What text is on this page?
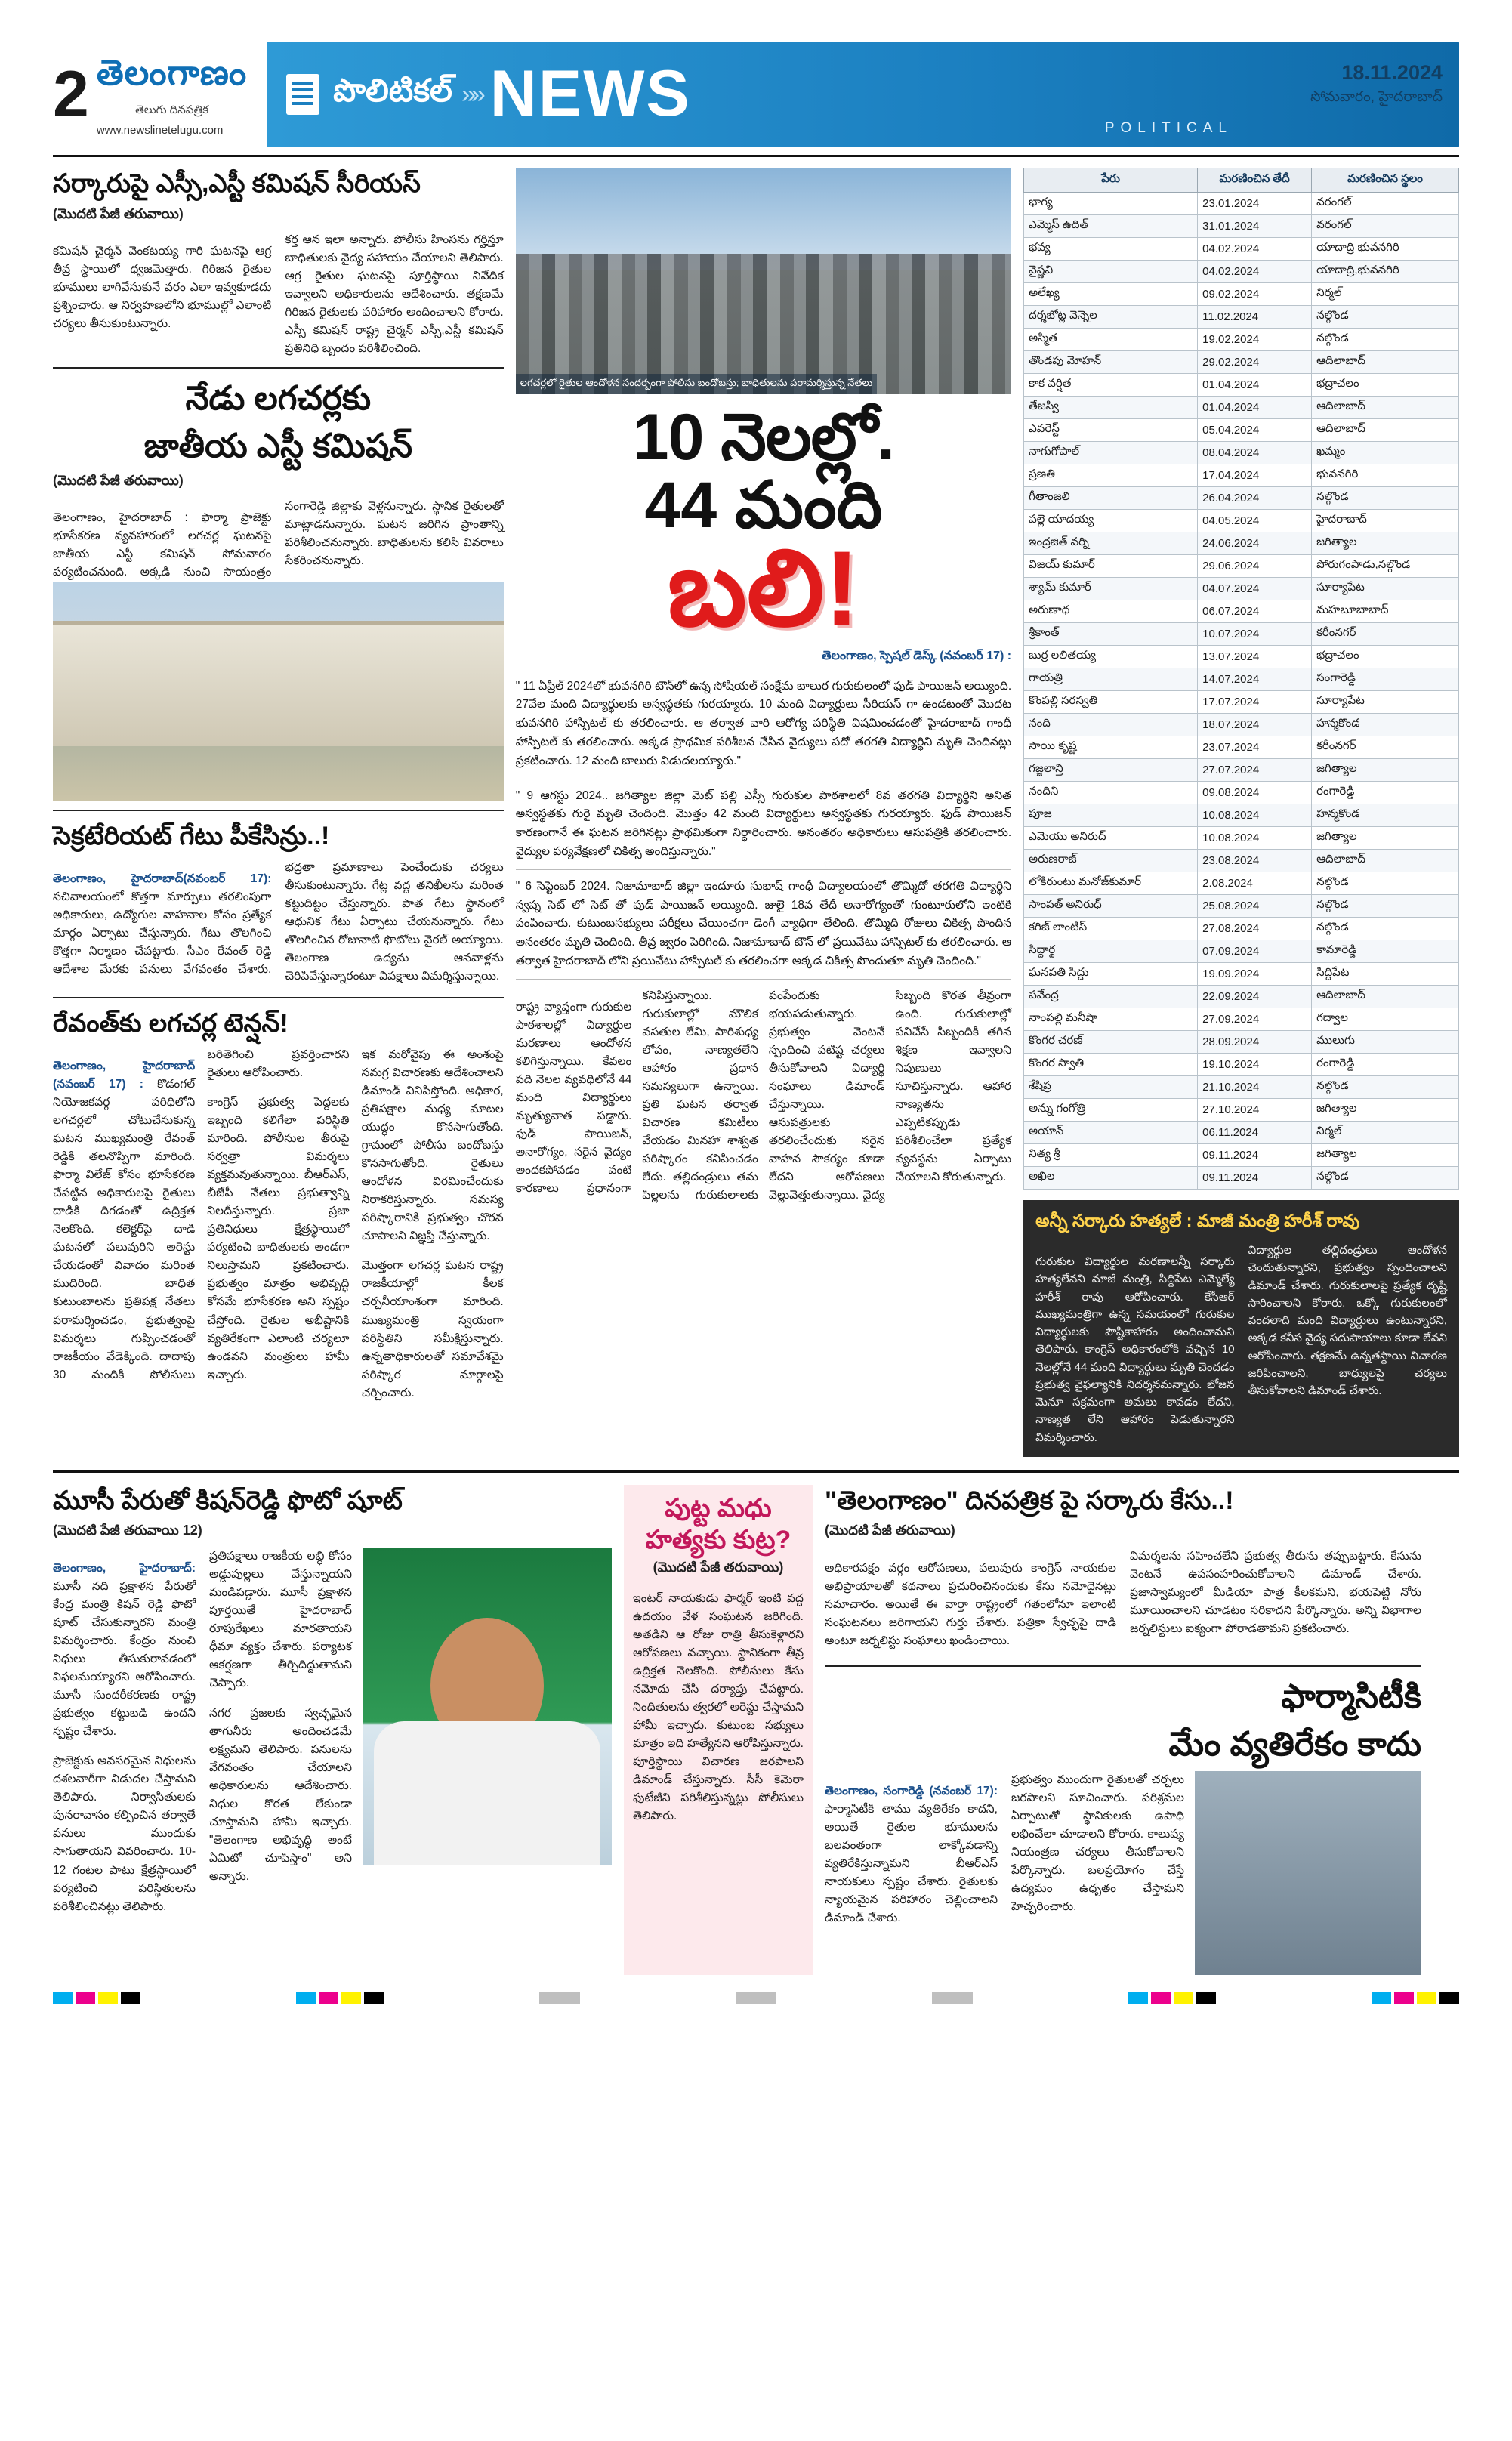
2 తెలంగాణం
తెలుగు దినపత్రిక
www.newslinetelugu.com
పొలిటికల్ »» NEWS	POLITICAL
18.11.2024
సోమవారం, హైదరాబాద్
సర్కారుపై ఎస్సీ,ఎస్టీ కమిషన్ సీరియస్
(మొదటి పేజీ తరువాయి)

కమిషన్ చైర్మన్ వెంకటయ్య గారి ఘటనపై ఆగ్ర తీవ్ర స్థాయిలో ధ్వజమెత్తారు. గిరిజన రైతుల భూములు లాగివేసుకునే వరం ఎలా ఇవ్వకూడదు ప్రశ్నించారు. ఆ నిర్వహణలోని భూముల్లో ఎలాంటి చర్యలు తీసుకుంటున్నారు.

కర్త ఆన ఇలా అన్నారు. పోలీసు హింసను గర్హిస్తూ బాధితులకు వైద్య సహాయం చేయాలని తెలిపారు. ఆగ్ర రైతుల ఘటనపై పూర్తిస్థాయి నివేదిక ఇవ్వాలని అధికారులను ఆదేశించారు. తక్షణమే గిరిజన రైతులకు పరిహారం అందించాలని కోరారు. ఎస్సీ కమిషన్ రాష్ట్ర చైర్మన్ ఎస్సీ,ఎస్టీ కమిషన్ ప్రతినిధి బృందం పరిశీలించింది.

నేడు లగచర్లకు
జాతీయ ఎస్టీ కమిషన్
(మొదటి పేజీ తరువాయి)

తెలంగాణం, హైదరాబాద్ : ఫార్మా ప్రాజెక్టు భూసేకరణ వ్యవహారంలో లగచర్ల ఘటనపై జాతీయ ఎస్టీ కమిషన్ సోమవారం పర్యటించనుంది. అక్కడి నుంచి సాయంత్రం సంగారెడ్డి జిల్లాకు వెళ్లనున్నారు. స్థానిక రైతులతో మాట్లాడనున్నారు. ఘటన జరిగిన ప్రాంతాన్ని పరిశీలించనున్నారు. బాధితులను కలిసి వివరాలు సేకరించనున్నారు.

సెక్రటేరియట్ గేటు పీకేసిన్రు..!

తెలంగాణం, హైదరాబాద్(నవంబర్ 17): సచివాలయంలో కొత్తగా మార్పులు తరలింపుగా అధికారులు, ఉద్యోగుల వాహనాల కోసం ప్రత్యేక మార్గం ఏర్పాటు చేస్తున్నారు. గేటు తొలగించి కొత్తగా నిర్మాణం చేపట్టారు. సీఎం రేవంత్ రెడ్డి ఆదేశాల మేరకు పనులు వేగవంతం చేశారు. భద్రతా ప్రమాణాలు పెంచేందుకు చర్యలు తీసుకుంటున్నారు. గేట్ల వద్ద తనిఖీలను మరింత కట్టుదిట్టం చేస్తున్నారు. పాత గేటు స్థానంలో ఆధునిక గేటు ఏర్పాటు చేయనున్నారు. గేటు తొలగించిన రోజునాటి ఫొటోలు వైరల్ అయ్యాయి. తెలంగాణ ఉద్యమ ఆనవాళ్లను చెరిపివేస్తున్నారంటూ విపక్షాలు విమర్శిస్తున్నాయి.

రేవంత్‌కు లగచర్ల టెన్షన్!

తెలంగాణం, హైదరాబాద్ (నవంబర్ 17) : కొడంగల్ నియోజకవర్గ పరిధిలోని లగచర్లలో చోటుచేసుకున్న ఘటన ముఖ్యమంత్రి రేవంత్ రెడ్డికి తలనొప్పిగా మారింది. ఫార్మా విలేజ్ కోసం భూసేకరణ చేపట్టిన అధికారులపై రైతులు దాడికి దిగడంతో ఉద్రిక్తత నెలకొంది. కలెక్టర్‌పై దాడి ఘటనలో పలువురిని అరెస్టు చేయడంతో వివాదం మరింత ముదిరింది. బాధిత కుటుంబాలను ప్రతిపక్ష నేతలు పరామర్శించడం, ప్రభుత్వంపై విమర్శలు గుప్పించడంతో రాజకీయం వేడెక్కింది. దాదాపు 30 మందికి పోలీసులు బరితెగించి ప్రవర్తించారని రైతులు ఆరోపించారు.

కాంగ్రెస్ ప్రభుత్వ పెద్దలకు ఇబ్బంది కలిగేలా పరిస్థితి మారింది. పోలీసుల తీరుపై సర్వత్రా విమర్శలు వ్యక్తమవుతున్నాయి. బీఆర్ఎస్, బీజేపీ నేతలు ప్రభుత్వాన్ని నిలదీస్తున్నారు. ప్రజా ప్రతినిధులు క్షేత్రస్థాయిలో పర్యటించి బాధితులకు అండగా నిలుస్తామని ప్రకటించారు. ప్రభుత్వం మాత్రం అభివృద్ధి కోసమే భూసేకరణ అని స్పష్టం చేస్తోంది. రైతుల అభీష్టానికి వ్యతిరేకంగా ఎలాంటి చర్యలూ ఉండవని మంత్రులు హామీ ఇచ్చారు.

ఇక మరోవైపు ఈ అంశంపై సమగ్ర విచారణకు ఆదేశించాలని డిమాండ్ వినిపిస్తోంది. అధికార, ప్రతిపక్షాల మధ్య మాటల యుద్ధం కొనసాగుతోంది. గ్రామంలో పోలీసు బందోబస్తు కొనసాగుతోంది. రైతులు ఆందోళన విరమించేందుకు నిరాకరిస్తున్నారు. సమస్య పరిష్కారానికి ప్రభుత్వం చొరవ చూపాలని విజ్ఞప్తి చేస్తున్నారు.

మొత్తంగా లగచర్ల ఘటన రాష్ట్ర రాజకీయాల్లో కీలక చర్చనీయాంశంగా మారింది. ముఖ్యమంత్రి స్వయంగా పరిస్థితిని సమీక్షిస్తున్నారు. ఉన్నతాధికారులతో సమావేశమై పరిష్కార మార్గాలపై చర్చించారు.

లగచర్లలో రైతుల ఆందోళన సందర్భంగా పోలీసు బందోబస్తు; బాధితులను పరామర్శిస్తున్న నేతలు
10 నెలల్లో.
44 మంది
బలి!
తెలంగాణం, స్పెషల్ డెస్క్ (నవంబర్ 17) :
" 11 ఏప్రిల్ 2024లో భువనగిరి టౌన్‌లో ఉన్న సోషియల్ సంక్షేమ బాలుర గురుకులంలో ఫుడ్ పాయిజన్ అయ్యింది. 27వేల మంది విద్యార్థులకు అస్వస్థతకు గురయ్యారు. 10 మంది విద్యార్థులు సీరియస్ గా ఉండటంతో మొదట భువనగిరి హాస్పిటల్ కు తరలించారు. ఆ తర్వాత వారి ఆరోగ్య పరిస్థితి విషమించడంతో హైదరాబాద్ గాంధీ హాస్పిటల్ కు తరలించారు. అక్కడ ప్రాథమిక పరిశీలన చేసిన వైద్యులు పదో తరగతి విద్యార్థిని మృతి చెందినట్లు ప్రకటించారు. 12 మంది బాలురు విడుదలయ్యారు."
" 9 ఆగస్టు 2024.. జగిత్యాల జిల్లా మెట్ పల్లి ఎస్సీ గురుకుల పాఠశాలలో 8వ తరగతి విద్యార్థిని అనిత అస్వస్థతకు గురై మృతి చెందింది. మొత్తం 42 మంది విద్యార్థులు అస్వస్థతకు గురయ్యారు. ఫుడ్ పాయిజన్ కారణంగానే ఈ ఘటన జరిగినట్లు ప్రాథమికంగా నిర్ధారించారు. అనంతరం అధికారులు ఆసుపత్రికి తరలించారు. వైద్యుల పర్యవేక్షణలో చికిత్స అందిస్తున్నారు."
" 6 సెప్టెంబర్ 2024. నిజామాబాద్ జిల్లా ఇందూరు సుభాష్ గాంధీ విద్యాలయంలో తొమ్మిదో తరగతి విద్యార్థిని స్వప్న సెట్ లో సెట్ తో ఫుడ్ పాయిజన్ అయ్యింది. జులై 18వ తేదీ అనారోగ్యంతో గుంటూరులోని ఇంటికి పంపించారు. కుటుంబసభ్యులు పరీక్షలు చేయించగా డెంగీ వ్యాధిగా తేలింది. తొమ్మిది రోజులు చికిత్స పొందిన అనంతరం మృతి చెందింది. తీవ్ర జ్వరం పెరిగింది. నిజామాబాద్ టౌన్ లో ప్రయివేటు హాస్పిటల్ కు తరలించారు. ఆ తర్వాత హైదరాబాద్ లోని ప్రయివేటు హాస్పిటల్ కు తరలించగా అక్కడ చికిత్స పొందుతూ మృతి చెందింది."

రాష్ట్ర వ్యాప్తంగా గురుకుల పాఠశాలల్లో విద్యార్థుల మరణాలు ఆందోళన కలిగిస్తున్నాయి. కేవలం పది నెలల వ్యవధిలోనే 44 మంది విద్యార్థులు మృత్యువాత పడ్డారు. ఫుడ్ పాయిజన్, అనారోగ్యం, సరైన వైద్యం అందకపోవడం వంటి కారణాలు ప్రధానంగా కనిపిస్తున్నాయి. గురుకులాల్లో మౌలిక వసతుల లేమి, పారిశుధ్య లోపం, నాణ్యతలేని ఆహారం ప్రధాన సమస్యలుగా ఉన్నాయి. ప్రతి ఘటన తర్వాత విచారణ కమిటీలు వేయడం మినహా శాశ్వత పరిష్కారం కనిపించడం లేదు. తల్లిదండ్రులు తమ పిల్లలను గురుకులాలకు పంపేందుకు భయపడుతున్నారు. ప్రభుత్వం వెంటనే స్పందించి పటిష్ట చర్యలు తీసుకోవాలని విద్యార్థి సంఘాలు డిమాండ్ చేస్తున్నాయి. ఆసుపత్రులకు తరలించేందుకు సరైన వాహన సౌకర్యం కూడా లేదని ఆరోపణలు వెల్లువెత్తుతున్నాయి. వైద్య సిబ్బంది కొరత తీవ్రంగా ఉంది. గురుకులాల్లో పనిచేసే సిబ్బందికి తగిన శిక్షణ ఇవ్వాలని నిపుణులు సూచిస్తున్నారు. ఆహార నాణ్యతను ఎప్పటికప్పుడు పరిశీలించేలా ప్రత్యేక వ్యవస్థను ఏర్పాటు చేయాలని కోరుతున్నారు.

పేరు	మరణించిన తేదీ	మరణించిన స్థలం
భాగ్య	23.01.2024	వరంగల్
ఎమ్మెస్ ఉదిత్	31.01.2024	వరంగల్
భవ్య	04.02.2024	యాదాద్రి భువనగిరి
వైష్ణవి	04.02.2024	యాదాద్రి,భువనగిరి
అలేఖ్య	09.02.2024	నిర్మల్
దర్శబోట్ల వెన్నెల	11.02.2024	నల్గొండ
అస్మిత	19.02.2024	నల్గొండ
తొండపు మోహన్	29.02.2024	ఆదిలాబాద్
కాక వర్షిత	01.04.2024	భద్రాచలం
తేజస్వి	01.04.2024	ఆదిలాబాద్
ఎవరెస్ట్	05.04.2024	ఆదిలాబాద్
నాగుగోపాల్	08.04.2024	ఖమ్మం
ప్రణతి	17.04.2024	భువనగిరి
గీతాంజలి	26.04.2024	నల్గొండ
పల్లె యాదయ్య	04.05.2024	హైదరాబాద్
ఇంద్రజిత్ వర్ని	24.06.2024	జగిత్యాల
విజయ్ కుమార్	29.06.2024	పోరుగంపాడు,నల్గొండ
శ్యామ్ కుమార్	04.07.2024	సూర్యాపేట
అరుణాధ	06.07.2024	మహబూబాబాద్
శ్రీకాంత్	10.07.2024	కరీంనగర్
బుర్ర లలితయ్య	13.07.2024	భద్రాచలం
గాయత్రి	14.07.2024	సంగారెడ్డి
కొంపల్లి సరస్వతి	17.07.2024	సూర్యాపేట
నంది	18.07.2024	హన్మకొండ
సాయి కృష్ణ	23.07.2024	కరీంనగర్
గజ్జలాన్తి	27.07.2024	జగిత్యాల
నందిని	09.08.2024	రంగారెడ్డి
పూజ	10.08.2024	హన్మకొండ
ఎమెయు అనిరుద్	10.08.2024	జగిత్యాల
అరుణరాజ్	23.08.2024	ఆదిలాబాద్
లోకిరుంటు మనోజ్‌కుమార్	2.08.2024	నల్గొండ
సాంపత్ అనిరుధ్	25.08.2024	నల్గొండ
కగిజ్ లాంటిస్	27.08.2024	నల్గొండ
సిద్ధార్థ	07.09.2024	కామారెడ్డి
ఘనపతి సిద్దు	19.09.2024	సిద్దిపేట
పవేంద్ర	22.09.2024	ఆదిలాబాద్
నాంపల్లి మనీషా	27.09.2024	గద్వాల
కొంగర చరణ్	28.09.2024	ములుగు
కొంగర స్వాతి	19.10.2024	రంగారెడ్డి
శేషిప్ర	21.10.2024	నల్గొండ
అన్ను గంగోత్రి	27.10.2024	జగిత్యాల
అయాన్	06.11.2024	నిర్మల్
నిత్య శ్రీ	09.11.2024	జగిత్యాల
అఖిల	09.11.2024	నల్గొండ
అన్నీ సర్కారు హత్యలే : మాజీ మంత్రి హరీశ్ రావు

గురుకుల విద్యార్థుల మరణాలన్నీ సర్కారు హత్యలేనని మాజీ మంత్రి, సిద్దిపేట ఎమ్మెల్యే హరీశ్ రావు ఆరోపించారు. కేసీఆర్ ముఖ్యమంత్రిగా ఉన్న సమయంలో గురుకుల విద్యార్థులకు పౌష్టికాహారం అందించామని తెలిపారు. కాంగ్రెస్ అధికారంలోకి వచ్చిన 10 నెలల్లోనే 44 మంది విద్యార్థులు మృతి చెందడం ప్రభుత్వ వైఫల్యానికి నిదర్శనమన్నారు. భోజన మెనూ సక్రమంగా అమలు కావడం లేదని, నాణ్యత లేని ఆహారం పెడుతున్నారని విమర్శించారు.

విద్యార్థుల తల్లిదండ్రులు ఆందోళన చెందుతున్నారని, ప్రభుత్వం స్పందించాలని డిమాండ్ చేశారు. గురుకులాలపై ప్రత్యేక దృష్టి సారించాలని కోరారు. ఒక్కో గురుకులంలో వందలాది మంది విద్యార్థులు ఉంటున్నారని, అక్కడ కనీస వైద్య సదుపాయాలు కూడా లేవని ఆరోపించారు. తక్షణమే ఉన్నతస్థాయి విచారణ జరిపించాలని, బాధ్యులపై చర్యలు తీసుకోవాలని డిమాండ్ చేశారు.

మూసీ పేరుతో కిషన్‌రెడ్డి ఫొటో షూట్
(మొదటి పేజీ తరువాయి 12)

తెలంగాణం, హైదరాబాద్: మూసీ నది ప్రక్షాళన పేరుతో కేంద్ర మంత్రి కిషన్ రెడ్డి ఫొటో షూట్ చేసుకున్నారని మంత్రి విమర్శించారు. కేంద్రం నుంచి నిధులు తీసుకురావడంలో విఫలమయ్యారని ఆరోపించారు. మూసీ సుందరీకరణకు రాష్ట్ర ప్రభుత్వం కట్టుబడి ఉందని స్పష్టం చేశారు.

ప్రాజెక్టుకు అవసరమైన నిధులను దశలవారీగా విడుదల చేస్తామని తెలిపారు. నిర్వాసితులకు పునరావాసం కల్పించిన తర్వాతే పనులు ముందుకు సాగుతాయని వివరించారు. 10-12 గంటల పాటు క్షేత్రస్థాయిలో పర్యటించి పరిస్థితులను పరిశీలించినట్లు తెలిపారు.

ప్రతిపక్షాలు రాజకీయ లబ్ధి కోసం అడ్డుపుల్లలు వేస్తున్నాయని మండిపడ్డారు. మూసీ ప్రక్షాళన పూర్తయితే హైదరాబాద్ రూపురేఖలు మారతాయని ధీమా వ్యక్తం చేశారు. పర్యాటక ఆకర్షణగా తీర్చిదిద్దుతామని చెప్పారు.

నగర ప్రజలకు స్వచ్ఛమైన తాగునీరు అందించడమే లక్ష్యమని తెలిపారు. పనులను వేగవంతం చేయాలని అధికారులను ఆదేశించారు. నిధుల కొరత లేకుండా చూస్తామని హామీ ఇచ్చారు. "తెలంగాణ అభివృద్ధి అంటే ఏమిటో చూపిస్తాం" అని అన్నారు.

పుట్ట మధు
హత్యకు కుట్ర?
(మొదటి పేజీ తరువాయి)

ఇంటర్ నాయకుడు ఫార్మర్ ఇంటి వద్ద ఉదయం వేళ సంఘటన జరిగింది. అతడిని ఆ రోజు రాత్రి తీసుకెళ్లారని ఆరోపణలు వచ్చాయి. స్థానికంగా తీవ్ర ఉద్రిక్తత నెలకొంది. పోలీసులు కేసు నమోదు చేసి దర్యాప్తు చేపట్టారు. నిందితులను త్వరలో అరెస్టు చేస్తామని హామీ ఇచ్చారు. కుటుంబ సభ్యులు మాత్రం ఇది హత్యేనని ఆరోపిస్తున్నారు. పూర్తిస్థాయి విచారణ జరపాలని డిమాండ్ చేస్తున్నారు. సీసీ కెమెరా ఫుటేజీని పరిశీలిస్తున్నట్లు పోలీసులు తెలిపారు.

"తెలంగాణం" దినపత్రిక పై సర్కారు కేసు..!
(మొదటి పేజీ తరువాయి)

అధికారపక్షం వర్గం ఆరోపణలు, పలువురు కాంగ్రెస్ నాయకుల అభిప్రాయాలతో కథనాలు ప్రచురించినందుకు కేసు నమోదైనట్లు సమాచారం. అయితే ఈ వార్తా రాష్ట్రంలో గతంలోనూ ఇలాంటి సంఘటనలు జరిగాయని గుర్తు చేశారు. పత్రికా స్వేచ్ఛపై దాడి అంటూ జర్నలిస్టు సంఘాలు ఖండించాయి.

విమర్శలను సహించలేని ప్రభుత్వ తీరును తప్పుబట్టారు. కేసును వెంటనే ఉపసంహరించుకోవాలని డిమాండ్ చేశారు. ప్రజాస్వామ్యంలో మీడియా పాత్ర కీలకమని, భయపెట్టి నోరు మూయించాలని చూడటం సరికాదని పేర్కొన్నారు. అన్ని విభాగాల జర్నలిస్టులు ఐక్యంగా పోరాడతామని ప్రకటించారు.

ఫార్మాసిటీకి
మేం వ్యతిరేకం కాదు

తెలంగాణం, సంగారెడ్డి (నవంబర్ 17): ఫార్మాసిటీకి తాము వ్యతిరేకం కాదని, అయితే రైతుల భూములను బలవంతంగా లాక్కోవడాన్ని వ్యతిరేకిస్తున్నామని బీఆర్ఎస్ నాయకులు స్పష్టం చేశారు. రైతులకు న్యాయమైన పరిహారం చెల్లించాలని డిమాండ్ చేశారు.

ప్రభుత్వం ముందుగా రైతులతో చర్చలు జరపాలని సూచించారు. పరిశ్రమల ఏర్పాటుతో స్థానికులకు ఉపాధి లభించేలా చూడాలని కోరారు. కాలుష్య నియంత్రణ చర్యలు తీసుకోవాలని పేర్కొన్నారు. బలప్రయోగం చేస్తే ఉద్యమం ఉధృతం చేస్తామని హెచ్చరించారు.
